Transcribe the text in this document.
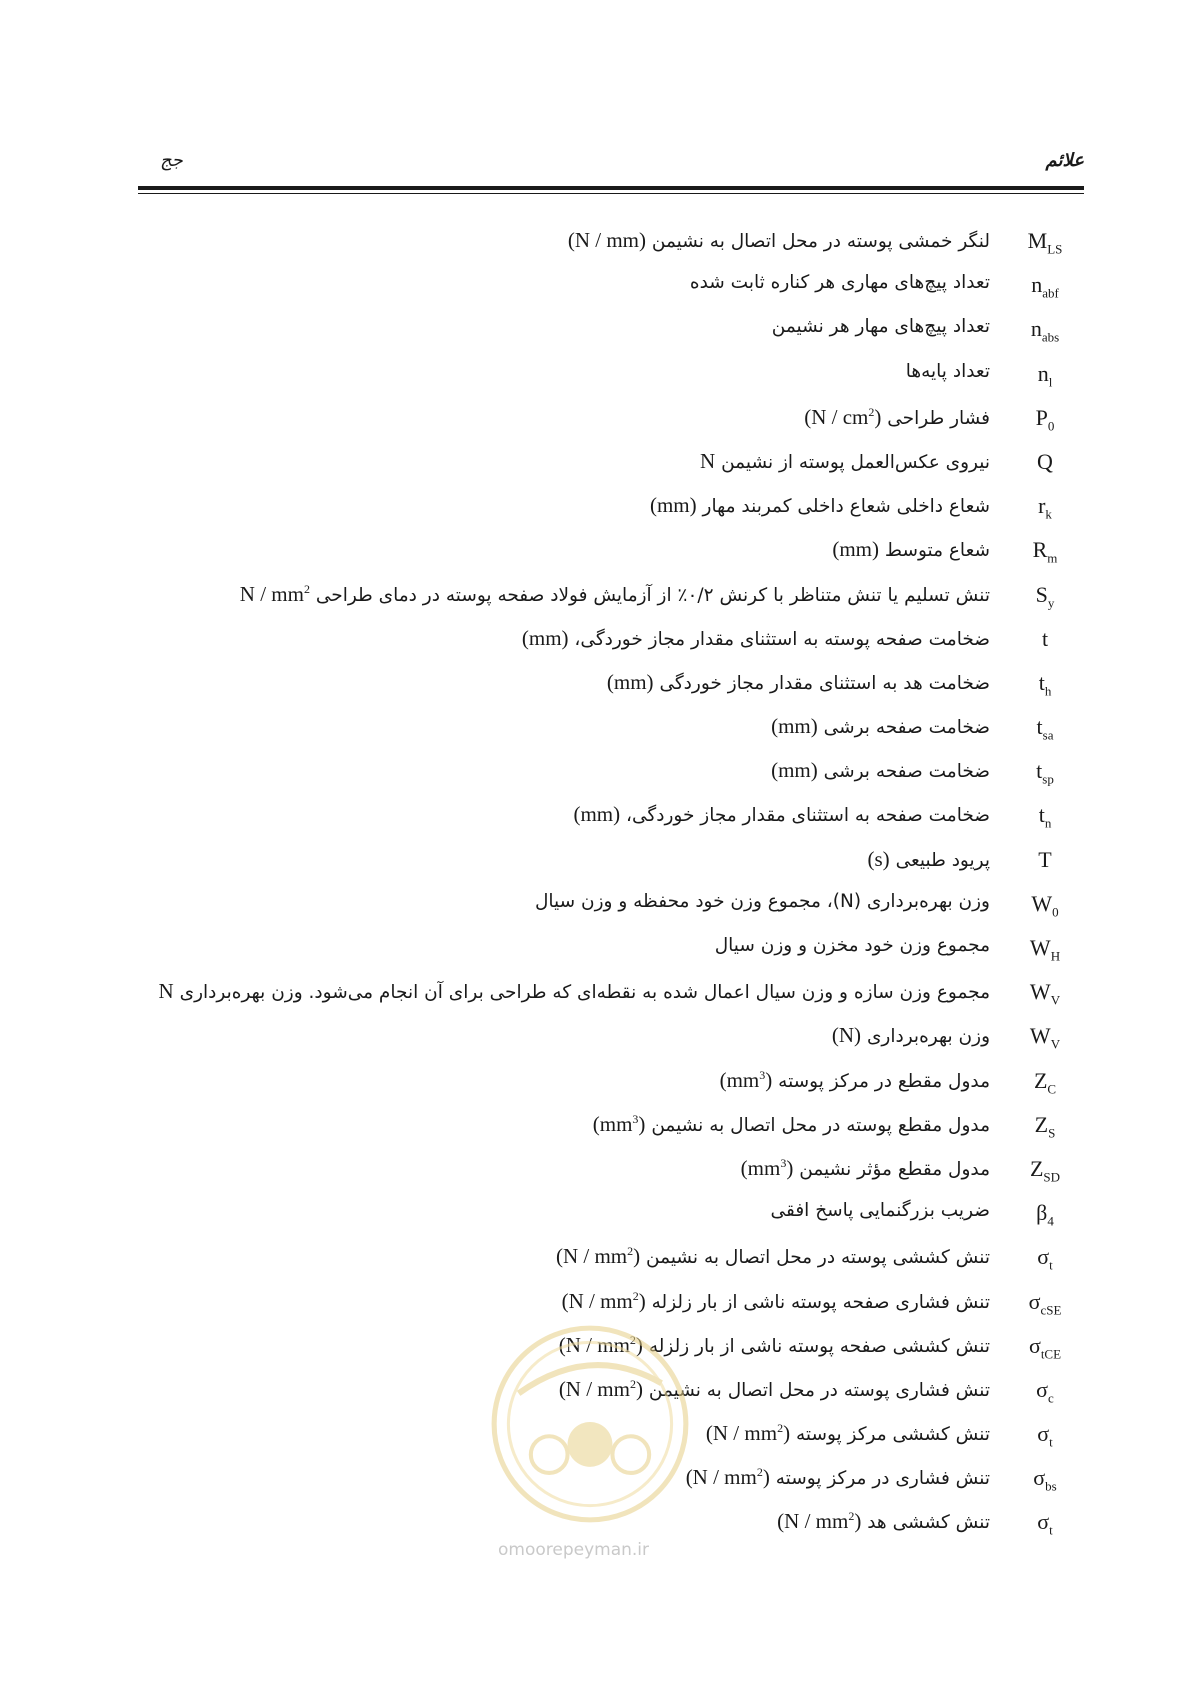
علائم
جج
$M_{LS}$
لنگر خمشی پوسته در محل اتصال به نشیمن (N / mm)
$n_{abf}$
تعداد پیچ‌های مهاری هر کناره ثابت شده
$n_{abs}$
تعداد پیچ‌های مهار هر نشیمن
$n_l$
تعداد پایه‌ها
$P_0$
فشار طراحی $(N / cm^2)$
Q
نیروی عکس‌العمل پوسته از نشیمن N
$r_k$
شعاع داخلی شعاع داخلی کمربند مهار (mm)
$R_m$
شعاع متوسط (mm)
$S_y$
تنش تسلیم یا تنش متناظر با کرنش ۰/۲٪ از آزمایش فولاد صفحه پوسته در دمای طراحی N / $mm^2$
t
ضخامت صفحه پوسته به استثنای مقدار مجاز خوردگی، (mm)
$t_h$
ضخامت هد به استثنای مقدار مجاز خوردگی (mm)
$t_{sa}$
ضخامت صفحه برشی (mm)
$t_{sp}$
ضخامت صفحه برشی (mm)
$t_n$
ضخامت صفحه به استثنای مقدار مجاز خوردگی، (mm)
T
پریود طبیعی (s)
$W_0$
وزن بهره‌برداری (N)، مجموع وزن خود محفظه و وزن سیال
$W_H$
مجموع وزن خود مخزن و وزن سیال
$W_V$
مجموع وزن سازه و وزن سیال اعمال شده به نقطه‌ای که طراحی برای آن انجام می‌شود. وزن بهره‌برداری N
$W_V$
وزن بهره‌برداری (N)
$Z_C$
مدول مقطع در مرکز پوسته $(mm^3)$
$Z_S$
مدول مقطع پوسته در محل اتصال به نشیمن $(mm^3)$
$Z_{SD}$
مدول مقطع مؤثر نشیمن $(mm^3)$
$\beta_4$
ضریب بزرگنمایی پاسخ افقی
$\sigma_t$
تنش کششی پوسته در محل اتصال به نشیمن $(N / mm^2)$
$\sigma_{cSE}$
تنش فشاری صفحه پوسته ناشی از بار زلزله $(N / mm^2)$
$\sigma_{tCE}$
تنش کششی صفحه پوسته ناشی از بار زلزله $(N / mm^2)$
$\sigma_c$
تنش فشاری پوسته در محل اتصال به نشیمن $(N / mm^2)$
$\sigma_t$
تنش کششی مرکز پوسته $(N / mm^2)$
$\sigma_{bs}$
تنش فشاری در مرکز پوسته $(N / mm^2)$
$\sigma_t$
تنش کششی هد $(N / mm^2)$
omoorepeyman.ir
